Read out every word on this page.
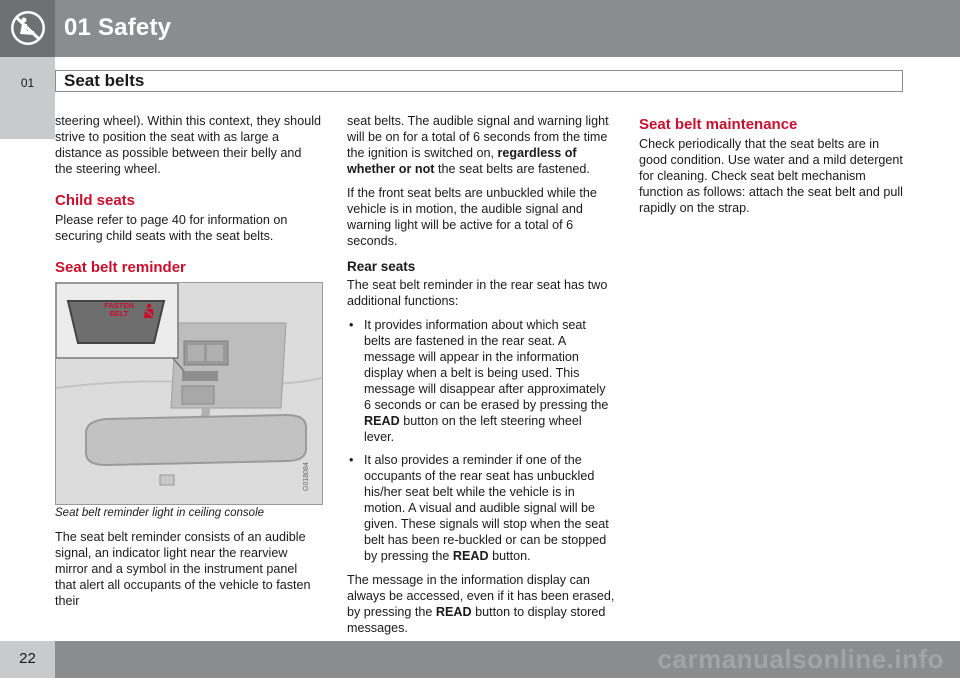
01 Safety
01	Seat belts

steering wheel). Within this context, they should strive to position the seat with as large a distance as possible between their belly and the steering wheel.

Child seats

Please refer to page 40 for information on securing child seats with the seat belts.

Seat belt reminder
FASTEN
BELT
G018084

Seat belt reminder light in ceiling console

The seat belt reminder consists of an audible signal, an indicator light near the rearview mirror and a symbol in the instrument panel that alert all occupants of the vehicle to fasten their

seat belts. The audible signal and warning light will be on for a total of 6 seconds from the time the ignition is switched on, regardless of whether or not the seat belts are fastened.

If the front seat belts are unbuckled while the vehicle is in motion, the audible signal and warning light will be active for a total of 6 seconds.

Rear seats

The seat belt reminder in the rear seat has two additional functions:

• It provides information about which seat belts are fastened in the rear seat. A message will appear in the information display when a belt is being used. This message will disappear after approximately 6 seconds or can be erased by pressing the READ button on the left steering wheel lever.
• It also provides a reminder if one of the occupants of the rear seat has unbuckled his/her seat belt while the vehicle is in motion. A visual and audible signal will be given. These signals will stop when the seat belt has been re-buckled or can be stopped by pressing the READ button.

The message in the information display can always be accessed, even if it has been erased, by pressing the READ button to display stored messages.

Seat belt maintenance

Check periodically that the seat belts are in good condition. Use water and a mild detergent for cleaning. Check seat belt mechanism function as follows: attach the seat belt and pull rapidly on the strap.

22	carmanualsonline.info
